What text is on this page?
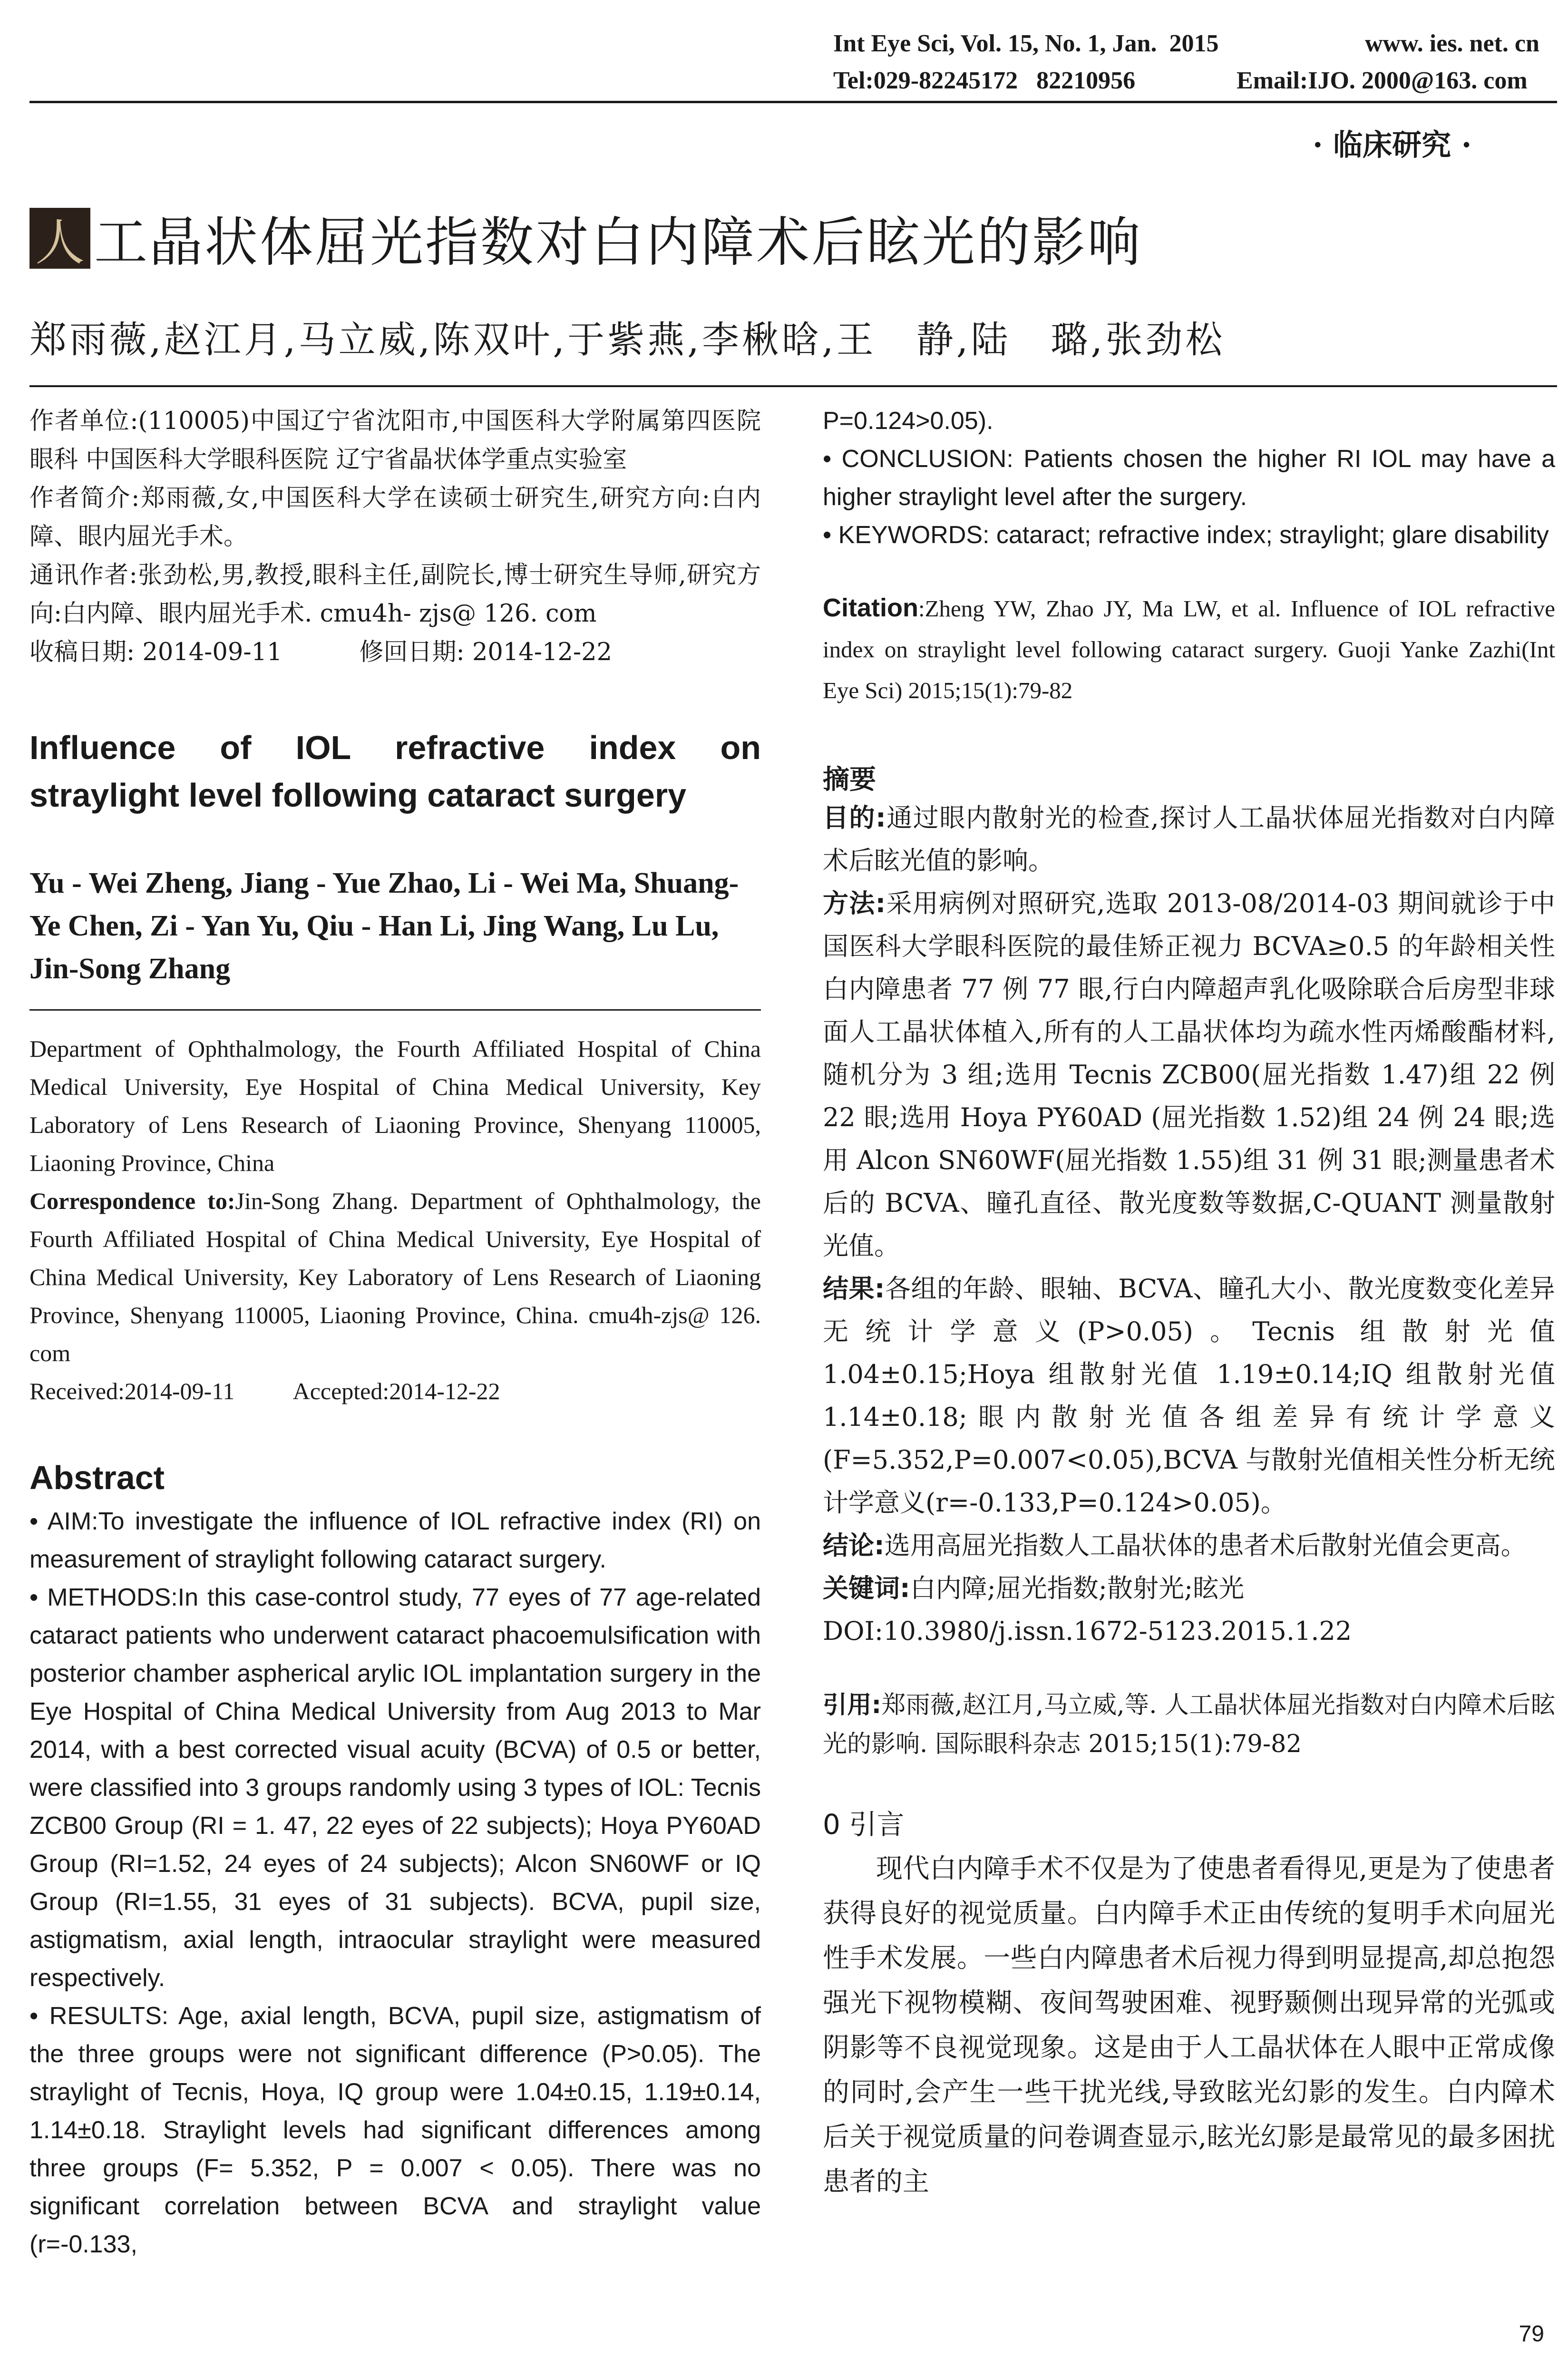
Int Eye Sci, Vol. 15, No. 1, Jan.  2015	www. ies. net. cn
Tel:029-82245172   82210956	Email:IJO. 2000@163. com
· 临床研究 ·
人 工晶状体屈光指数对白内障术后眩光的影响
郑雨薇,赵江月,马立威,陈双叶,于紫燕,李楸晗,王　静,陆　璐,张劲松

作者单位:(110005)中国辽宁省沈阳市,中国医科大学附属第四医院眼科 中国医科大学眼科医院 辽宁省晶状体学重点实验室

作者简介:郑雨薇,女,中国医科大学在读硕士研究生,研究方向:白内障、眼内屈光手术。

通讯作者:张劲松,男,教授,眼科主任,副院长,博士研究生导师,研究方向:白内障、眼内屈光手术. cmu4h- zjs@ 126. com

收稿日期: 2014-09-11          修回日期: 2014-12-22

Influence of IOL refractive index on
straylight level following cataract surgery
Yu - Wei Zheng, Jiang - Yue Zhao, Li - Wei Ma, Shuang- Ye Chen, Zi - Yan Yu, Qiu - Han Li, Jing Wang, Lu Lu, Jin-Song Zhang

Department of Ophthalmology, the Fourth Affiliated Hospital of China Medical University, Eye Hospital of China Medical University, Key Laboratory of Lens Research of Liaoning Province, Shenyang 110005, Liaoning Province, China

Correspondence to:Jin-Song Zhang. Department of Ophthalmology, the Fourth Affiliated Hospital of China Medical University, Eye Hospital of China Medical University, Key Laboratory of Lens Research of Liaoning Province, Shenyang 110005, Liaoning Province, China. cmu4h-zjs@ 126. com

Received:2014-09-11          Accepted:2014-12-22

Abstract

• AIM:To investigate the influence of IOL refractive index (RI) on measurement of straylight following cataract surgery.

• METHODS:In this case-control study, 77 eyes of 77 age-related cataract patients who underwent cataract phacoemulsification with posterior chamber aspherical arylic IOL implantation surgery in the Eye Hospital of China Medical University from Aug 2013 to Mar 2014, with a best corrected visual acuity (BCVA) of 0.5 or better, were classified into 3 groups randomly using 3 types of IOL: Tecnis ZCB00 Group (RI = 1. 47, 22 eyes of 22 subjects); Hoya PY60AD Group (RI=1.52, 24 eyes of 24 subjects); Alcon SN60WF or IQ Group (RI=1.55, 31 eyes of 31 subjects). BCVA, pupil size, astigmatism, axial length, intraocular straylight were measured respectively.

• RESULTS: Age, axial length, BCVA, pupil size, astigmatism of the three groups were not significant difference (P>0.05). The straylight of Tecnis, Hoya, IQ group were 1.04±0.15, 1.19±0.14, 1.14±0.18. Straylight levels had significant differences among three groups (F= 5.352, P = 0.007 < 0.05). There was no significant correlation between BCVA and straylight value (r=-0.133,

P=0.124>0.05).

• CONCLUSION: Patients chosen the higher RI IOL may have a higher straylight level after the surgery.

• KEYWORDS: cataract; refractive index; straylight; glare disability

Citation:Zheng YW, Zhao JY, Ma LW, et al. Influence of IOL refractive index on straylight level following cataract surgery. Guoji Yanke Zazhi(Int Eye Sci) 2015;15(1):79-82
摘要

目的:通过眼内散射光的检查,探讨人工晶状体屈光指数对白内障术后眩光值的影响。

方法:采用病例对照研究,选取 2013-08/2014-03 期间就诊于中国医科大学眼科医院的最佳矫正视力 BCVA≥0.5 的年龄相关性白内障患者 77 例 77 眼,行白内障超声乳化吸除联合后房型非球面人工晶状体植入,所有的人工晶状体均为疏水性丙烯酸酯材料,随机分为 3 组;选用 Tecnis ZCB00(屈光指数 1.47)组 22 例 22 眼;选用 Hoya PY60AD (屈光指数 1.52)组 24 例 24 眼;选用 Alcon SN60WF(屈光指数 1.55)组 31 例 31 眼;测量患者术后的 BCVA、瞳孔直径、散光度数等数据,C-QUANT 测量散射光值。

结果:各组的年龄、眼轴、BCVA、瞳孔大小、散光度数变化差异无统计学意义(P>0.05)。Tecnis 组散射光值 1.04±0.15;Hoya 组散射光值 1.19±0.14;IQ 组散射光值 1.14±0.18;眼内散射光值各组差异有统计学意义(F=5.352,P=0.007<0.05),BCVA 与散射光值相关性分析无统计学意义(r=-0.133,P=0.124>0.05)。

结论:选用高屈光指数人工晶状体的患者术后散射光值会更高。

关键词:白内障;屈光指数;散射光;眩光

DOI:10.3980/j.issn.1672-5123.2015.1.22

引用:郑雨薇,赵江月,马立威,等. 人工晶状体屈光指数对白内障术后眩光的影响. 国际眼科杂志 2015;15(1):79-82
0 引言
现代白内障手术不仅是为了使患者看得见,更是为了使患者获得良好的视觉质量。白内障手术正由传统的复明手术向屈光性手术发展。一些白内障患者术后视力得到明显提高,却总抱怨强光下视物模糊、夜间驾驶困难、视野颞侧出现异常的光弧或阴影等不良视觉现象。这是由于人工晶状体在人眼中正常成像的同时,会产生一些干扰光线,导致眩光幻影的发生。白内障术后关于视觉质量的问卷调查显示,眩光幻影是最常见的最多困扰患者的主
79
